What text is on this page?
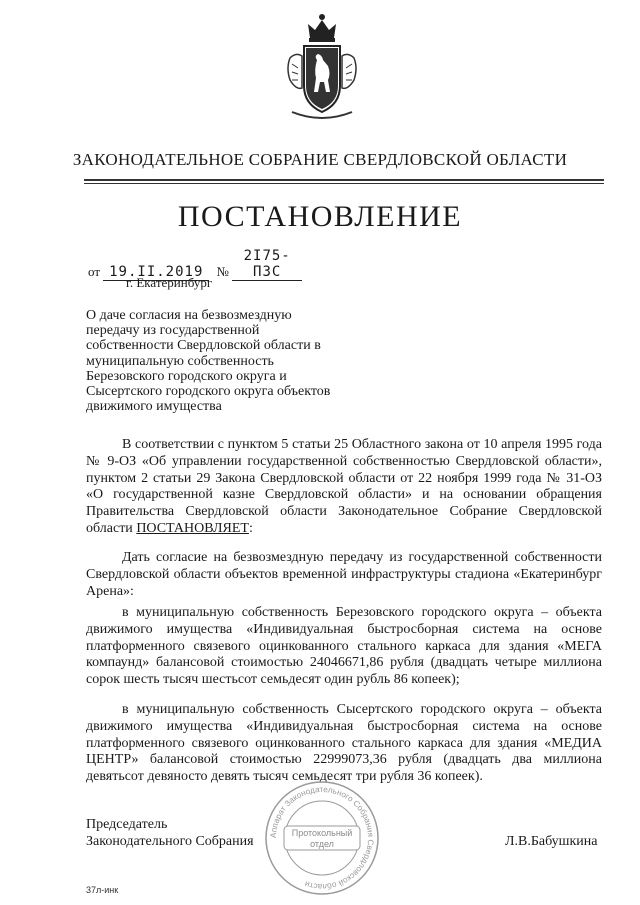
ЗАКОНОДАТЕЛЬНОЕ СОБРАНИЕ СВЕРДЛОВСКОЙ ОБЛАСТИ
ПОСТАНОВЛЕНИЕ
от 19.II.2019 № 2I75-ПЗС
г. Екатеринбург
О даче согласия на безвозмездную передачу из государственной собственности Свердловской области в муниципальную собственность Березовского городского округа и Сысертского городского округа объектов движимого имущества

В соответствии с пунктом 5 статьи 25 Областного закона от 10 апреля 1995 года № 9-ОЗ «Об управлении государственной собственностью Свердловской области», пунктом 2 статьи 29 Закона Свердловской области от 22 ноября 1999 года № 31-ОЗ «О государственной казне Свердловской области» и на основании обращения Правительства Свердловской области Законодательное Собрание Свердловской области ПОСТАНОВЛЯЕТ:

Дать согласие на безвозмездную передачу из государственной собственности Свердловской области объектов временной инфраструктуры стадиона «Екатеринбург Арена»:

в муниципальную собственность Березовского городского округа – объекта движимого имущества «Индивидуальная быстросборная система на основе платформенного связевого оцинкованного стального каркаса для здания «МЕГА компаунд» балансовой стоимостью 24046671,86 рубля (двадцать четыре миллиона сорок шесть тысяч шестьсот семьдесят один рубль 86 копеек);

в муниципальную собственность Сысертского городского округа – объекта движимого имущества «Индивидуальная быстросборная система на основе платформенного связевого оцинкованного стального каркаса для здания «МЕДИА ЦЕНТР» балансовой стоимостью 22999073,36 рубля (двадцать два миллиона девятьсот девяносто девять тысяч семьдесят три рубля 36 копеек).

Аппарат Законодательного Собрания Свердловской области
Протокольный
отдел
Председатель
Законодательного Собрания	Л.В.Бабушкина
37л-инк
